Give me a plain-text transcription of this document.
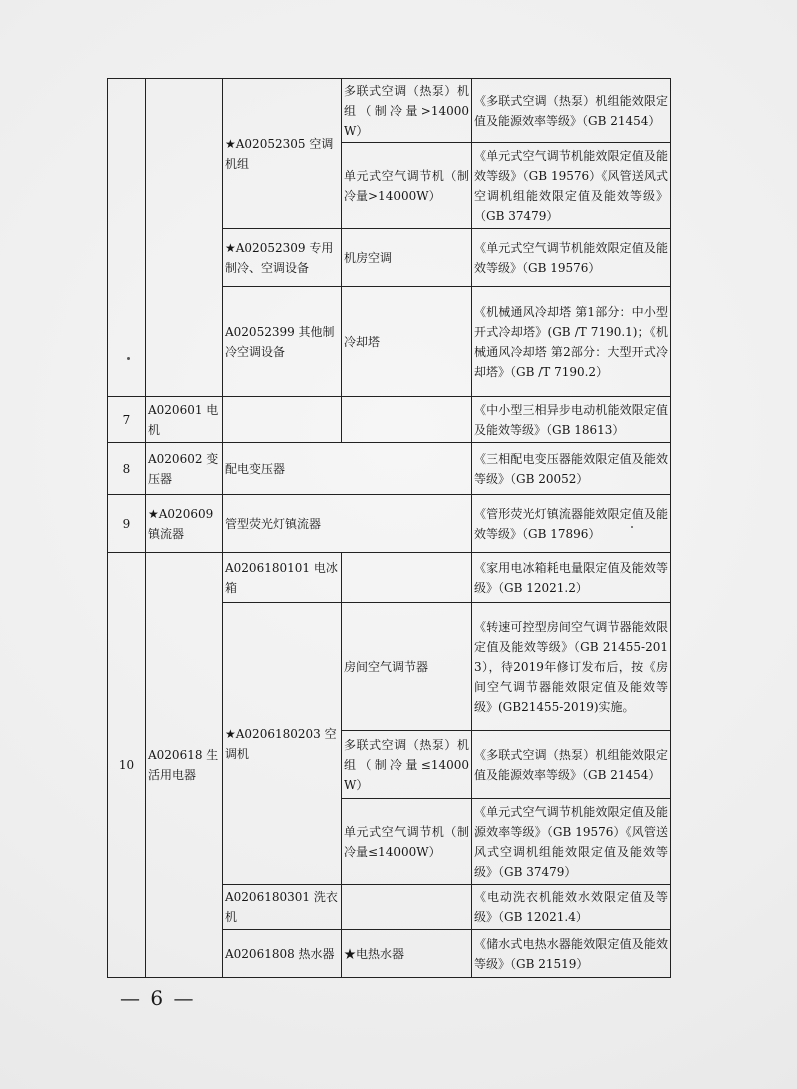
		★A02052305 空调机组	多联式空调（热泵）机组（制冷量>14000W）	《多联式空调（热泵）机组能效限定值及能源效率等级》（GB 21454）
			单元式空气调节机（制冷量>14000W）	《单元式空气调节机能效限定值及能效等级》（GB 19576）《风管送风式空调机组能效限定值及能效等级》（GB 37479）
		★A02052309 专用制冷、空调设备	机房空调	《单元式空气调节机能效限定值及能效等级》（GB 19576）
		A02052399 其他制冷空调设备	冷却塔	《机械通风冷却塔 第1部分：中小型开式冷却塔》(GB /T 7190.1)；《机械通风冷却塔 第2部分：大型开式冷却塔》（GB /T 7190.2）
7	A020601 电机			《中小型三相异步电动机能效限定值及能效等级》（GB 18613）
8	A020602 变压器	配电变压器		《三相配电变压器能效限定值及能效等级》（GB 20052）
9	★A020609 镇流器	管型荧光灯镇流器		《管形荧光灯镇流器能效限定值及能效等级》（GB 17896）
10	A020618 生活用电器	A0206180101 电冰箱		《家用电冰箱耗电量限定值及能效等级》（GB 12021.2）
		★A0206180203 空调机	房间空气调节器	《转速可控型房间空气调节器能效限定值及能效等级》（GB 21455-2013），待2019年修订发布后，按《房间空气调节器能效限定值及能效等级》(GB21455-2019)实施。
			多联式空调（热泵）机组（制冷量≤14000W）	《多联式空调（热泵）机组能效限定值及能源效率等级》（GB 21454）
			单元式空气调节机（制冷量≤14000W）	《单元式空气调节机能效限定值及能源效率等级》（GB 19576）《风管送风式空调机组能效限定值及能效等级》（GB 37479）
		A0206180301 洗衣机		《电动洗衣机能效水效限定值及等级》（GB 12021.4）
		A02061808 热水器	★电热水器	《储水式电热水器能效限定值及能效等级》（GB 21519）
— 6 —
